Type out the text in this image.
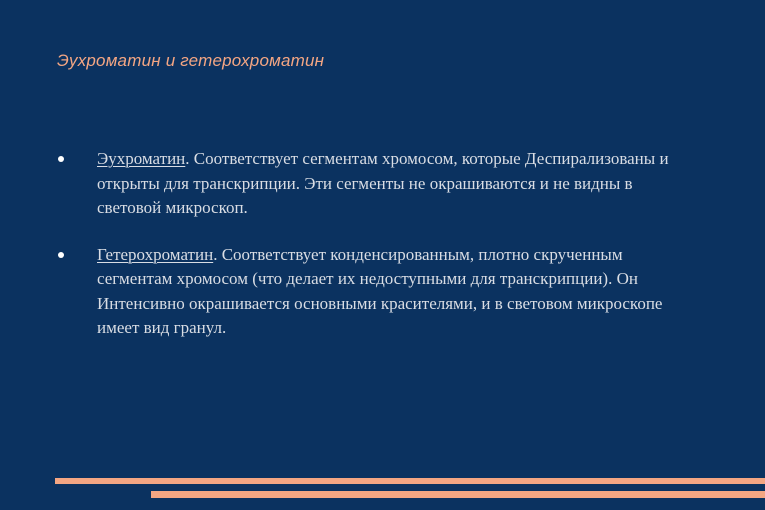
Эухроматин и гетерохроматин
Эухроматин. Соответствует сегментам хромосом, которые Деспирализованы и открыты для транскрипции. Эти сегменты не окрашиваются и не видны в световой микроскоп.
Гетерохроматин. Соответствует конденсированным, плотно скрученным сегментам хромосом (что делает их недоступными для транскрипции). Он Интенсивно окрашивается основными красителями, и в световом микроскопе имеет вид гранул.
